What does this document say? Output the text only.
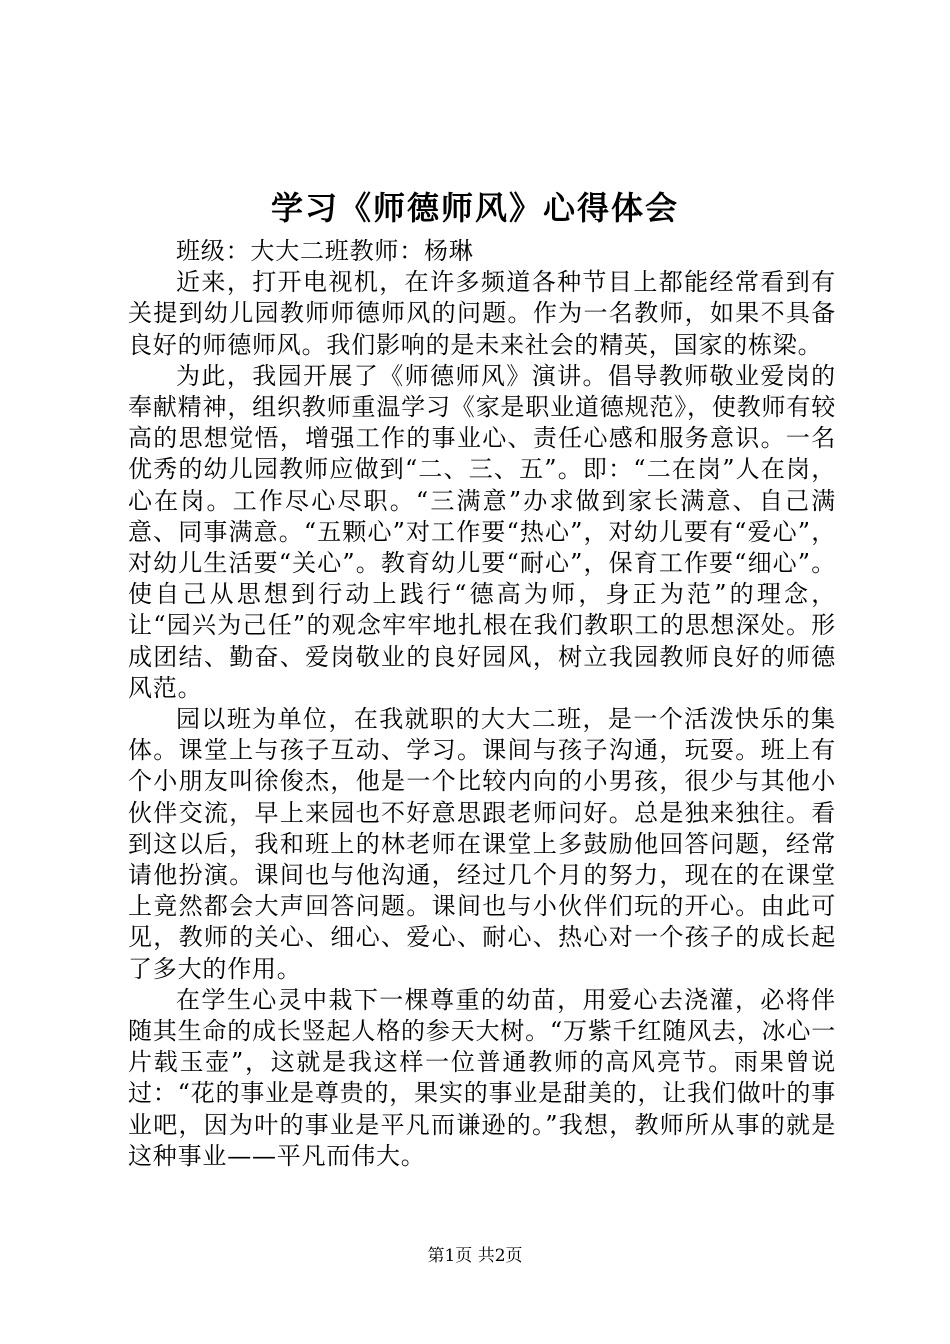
学习《师德师风》心得体会

班级：大大二班教师：杨琳

近来，打开电视机，在许多频道各种节目上都能经常看到有关提到幼儿园教师师德师风的问题。作为一名教师，如果不具备良好的师德师风。我们影响的是未来社会的精英，国家的栋梁。

为此，我园开展了《师德师风》演讲。倡导教师敬业爱岗的奉献精神，组织教师重温学习《家是职业道德规范》，使教师有较高的思想觉悟，增强工作的事业心、责任心感和服务意识。一名优秀的幼儿园教师应做到“二、三、五”。即：“二在岗”人在岗，心在岗。工作尽心尽职。“三满意”办求做到家长满意、自己满意、同事满意。“五颗心”对工作要“热心”，对幼儿要有“爱心”，对幼儿生活要“关心”。教育幼儿要“耐心”，保育工作要“细心”。使自己从思想到行动上践行“德高为师，身正为范”的理念，让“园兴为己任”的观念牢牢地扎根在我们教职工的思想深处。形成团结、勤奋、爱岗敬业的良好园风，树立我园教师良好的师德风范。

园以班为单位，在我就职的大大二班，是一个活泼快乐的集体。课堂上与孩子互动、学习。课间与孩子沟通，玩耍。班上有个小朋友叫徐俊杰，他是一个比较内向的小男孩，很少与其他小伙伴交流，早上来园也不好意思跟老师问好。总是独来独往。看到这以后，我和班上的林老师在课堂上多鼓励他回答问题，经常请他扮演。课间也与他沟通，经过几个月的努力，现在的在课堂上竟然都会大声回答问题。课间也与小伙伴们玩的开心。由此可见，教师的关心、细心、爱心、耐心、热心对一个孩子的成长起了多大的作用。

在学生心灵中栽下一棵尊重的幼苗，用爱心去浇灌，必将伴随其生命的成长竖起人格的参天大树。“万紫千红随风去，冰心一片载玉壶”，这就是我这样一位普通教师的高风亮节。雨果曾说过：“花的事业是尊贵的，果实的事业是甜美的，让我们做叶的事业吧，因为叶的事业是平凡而谦逊的。”我想，教师所从事的就是这种事业——平凡而伟大。

第1页 共2页
